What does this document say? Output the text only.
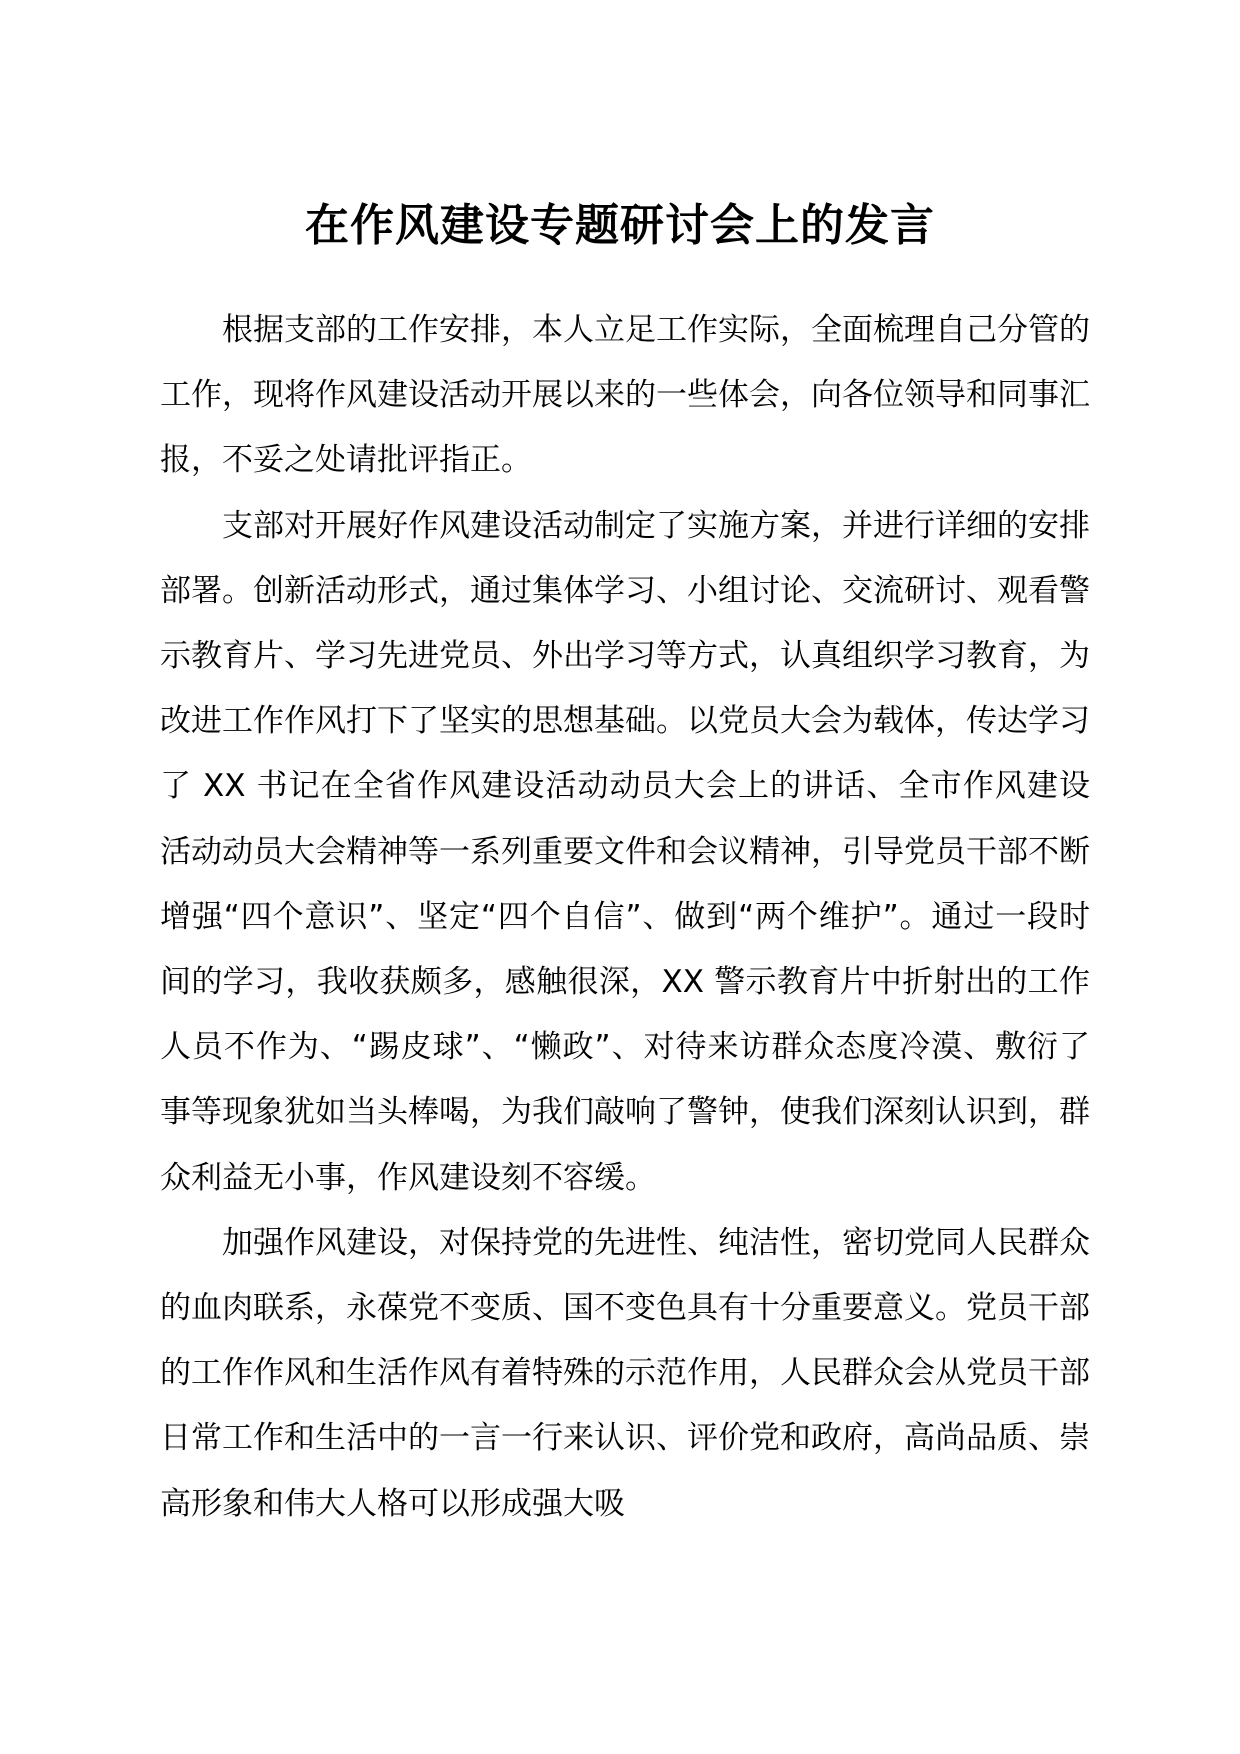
在作风建设专题研讨会上的发言

根据支部的工作安排，本人立足工作实际，全面梳理自己分管的工作，现将作风建设活动开展以来的一些体会，向各位领导和同事汇报，不妥之处请批评指正。

支部对开展好作风建设活动制定了实施方案，并进行详细的安排部署。创新活动形式，通过集体学习、小组讨论、交流研讨、观看警示教育片、学习先进党员、外出学习等方式，认真组织学习教育，为改进工作作风打下了坚实的思想基础。以党员大会为载体，传达学习了 XX 书记在全省作风建设活动动员大会上的讲话、全市作风建设活动动员大会精神等一系列重要文件和会议精神，引导党员干部不断增强“四个意识”、坚定“四个自信”、做到“两个维护”。通过一段时间的学习，我收获颇多，感触很深，XX 警示教育片中折射出的工作人员不作为、“踢皮球”、“懒政”、对待来访群众态度冷漠、敷衍了事等现象犹如当头棒喝，为我们敲响了警钟，使我们深刻认识到，群众利益无小事，作风建设刻不容缓。

加强作风建设，对保持党的先进性、纯洁性，密切党同人民群众的血肉联系，永葆党不变质、国不变色具有十分重要意义。党员干部的工作作风和生活作风有着特殊的示范作用，人民群众会从党员干部日常工作和生活中的一言一行来认识、评价党和政府，高尚品质、崇高形象和伟大人格可以形成强大吸
